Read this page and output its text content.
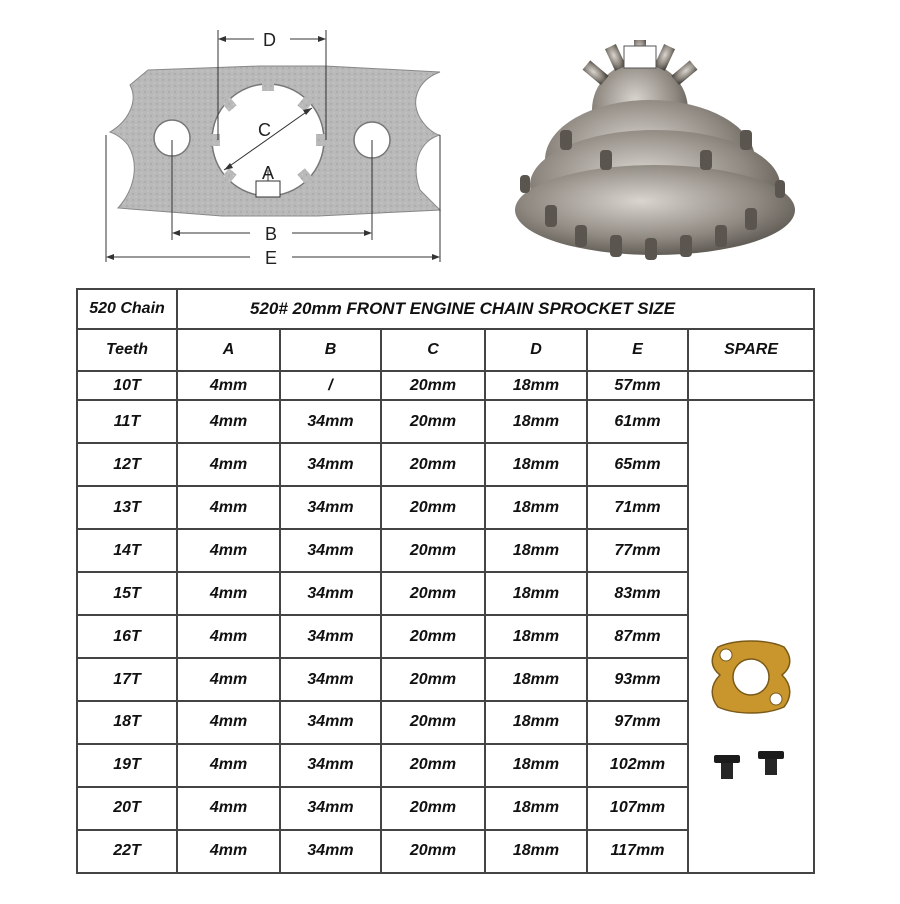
D
C
A
B
E
520 Chain	520# 20mm FRONT ENGINE CHAIN SPROCKET SIZE					
Teeth	A	B	C	D	E	SPARE
10T	4mm	/	20mm	18mm	57mm	
11T	4mm	34mm	20mm	18mm	61mm	

12T	4mm	34mm	20mm	18mm	65mm	
13T	4mm	34mm	20mm	18mm	71mm	
14T	4mm	34mm	20mm	18mm	77mm	
15T	4mm	34mm	20mm	18mm	83mm	
16T	4mm	34mm	20mm	18mm	87mm	
17T	4mm	34mm	20mm	18mm	93mm	
18T	4mm	34mm	20mm	18mm	97mm	
19T	4mm	34mm	20mm	18mm	102mm	
20T	4mm	34mm	20mm	18mm	107mm	
22T	4mm	34mm	20mm	18mm	117mm	
